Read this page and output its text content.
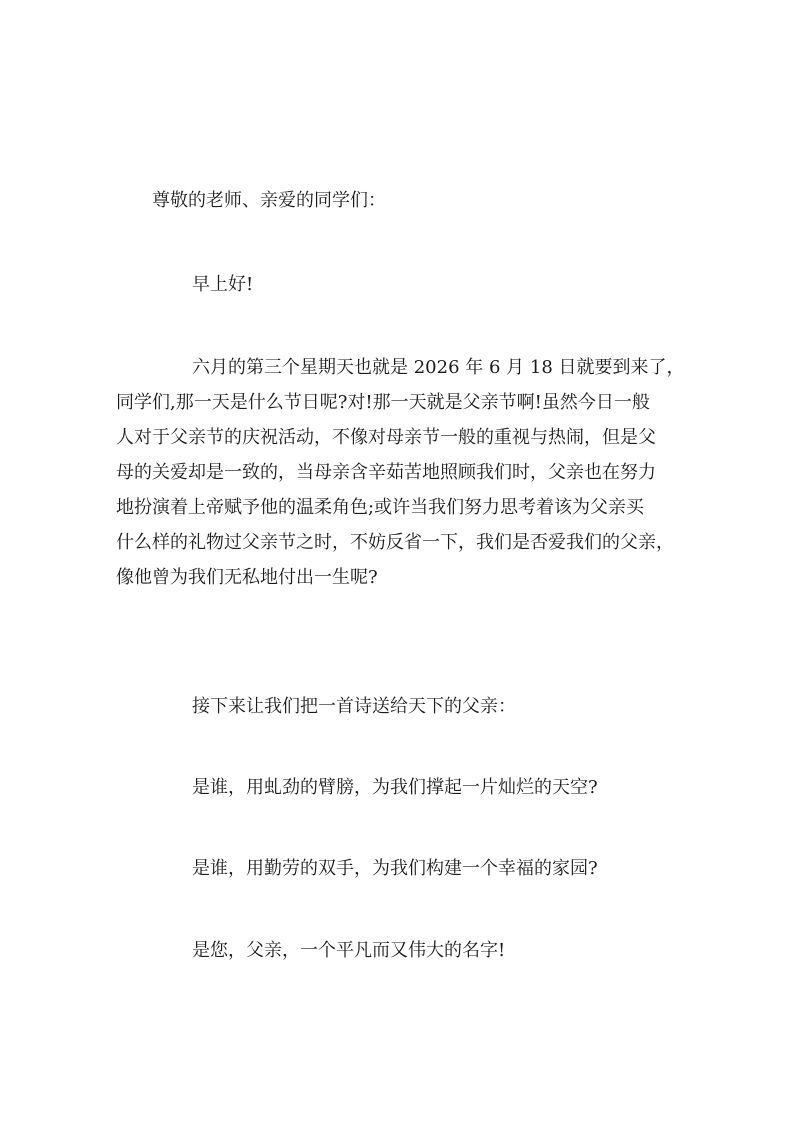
尊敬的老师、亲爱的同学们：

早上好!

六月的第三个星期天也就是 2026 年 6 月 18 日就要到来了，
同学们,那一天是什么节日呢?对!那一天就是父亲节啊!虽然今日一般
人对于父亲节的庆祝活动，不像对母亲节一般的重视与热闹，但是父
母的关爱却是一致的，当母亲含辛茹苦地照顾我们时，父亲也在努力
地扮演着上帝赋予他的温柔角色;或许当我们努力思考着该为父亲买
什么样的礼物过父亲节之时，不妨反省一下，我们是否爱我们的父亲，
像他曾为我们无私地付出一生呢?

接下来让我们把一首诗送给天下的父亲：

是谁，用虬劲的臂膀，为我们撑起一片灿烂的天空?

是谁，用勤劳的双手，为我们构建一个幸福的家园?

是您，父亲，一个平凡而又伟大的名字!
